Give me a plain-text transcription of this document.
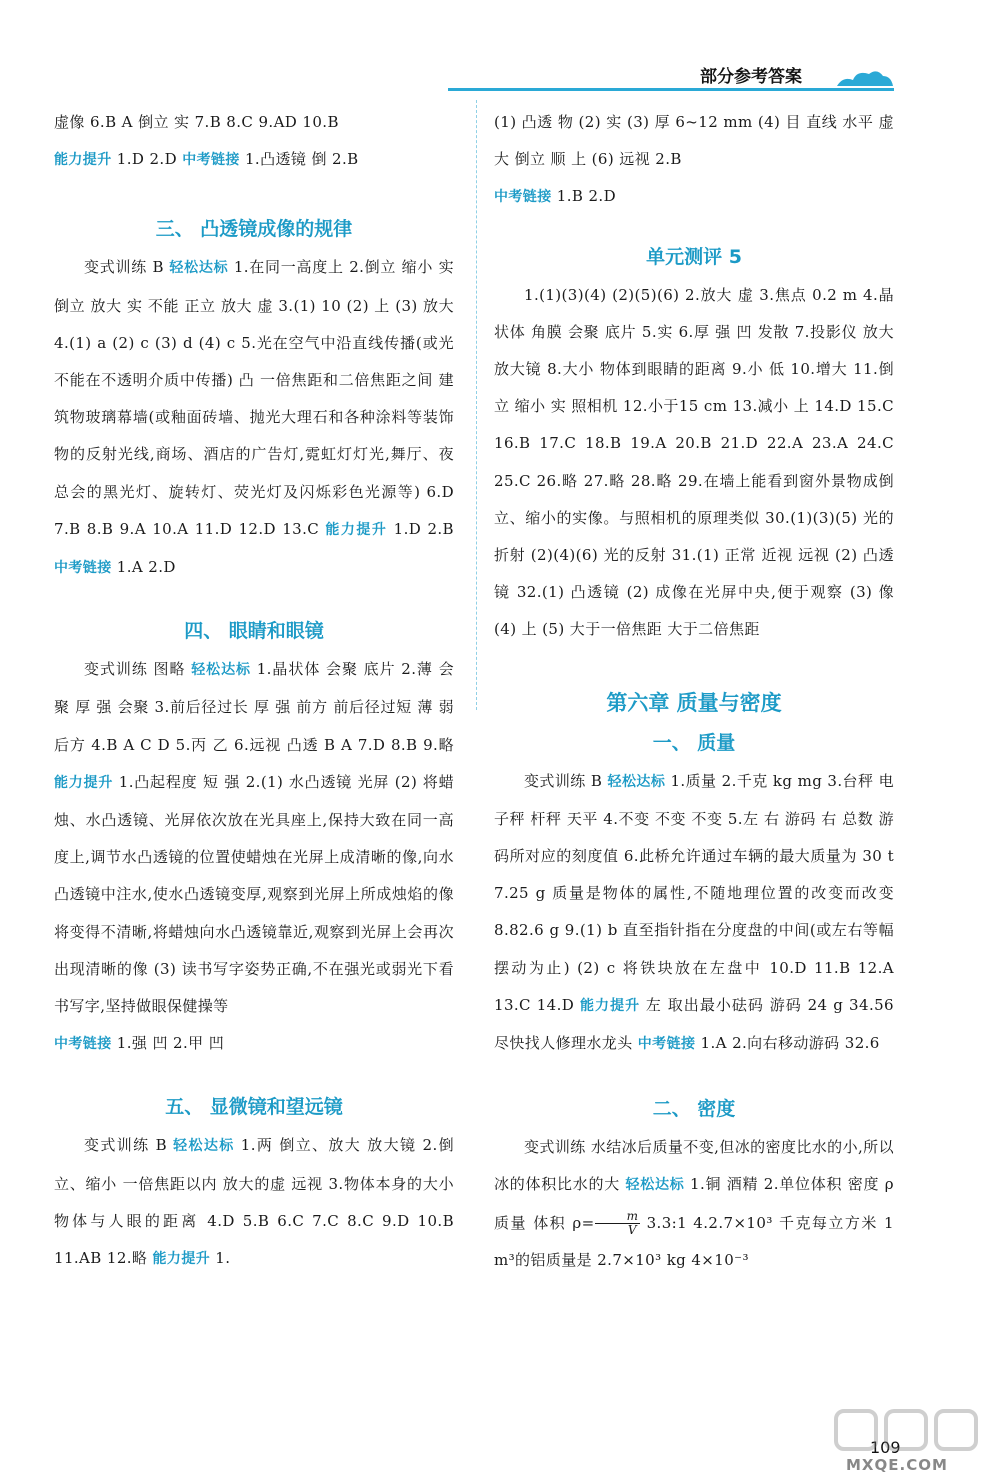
部分参考答案

虚像 6.B A 倒立 实 7.B 8.C 9.AD 10.B

能力提升 1.D 2.D 中考链接 1.凸透镜 倒 2.B

三、 凸透镜成像的规律

变式训练 B 轻松达标 1.在同一高度上 2.倒立 缩小 实 倒立 放大 实 不能 正立 放大 虚 3.(1) 10 (2) 上 (3) 放大 4.(1) a (2) c (3) d (4) c 5.光在空气中沿直线传播(或光不能在不透明介质中传播) 凸 一倍焦距和二倍焦距之间 建筑物玻璃幕墙(或釉面砖墙、抛光大理石和各种涂料等装饰物的反射光线,商场、酒店的广告灯,霓虹灯灯光,舞厅、夜总会的黑光灯、旋转灯、荧光灯及闪烁彩色光源等) 6.D 7.B 8.B 9.A 10.A 11.D 12.D 13.C 能力提升 1.D 2.B 中考链接 1.A 2.D

四、 眼睛和眼镜

变式训练 图略 轻松达标 1.晶状体 会聚 底片 2.薄 会聚 厚 强 会聚 3.前后径过长 厚 强 前方 前后径过短 薄 弱 后方 4.B A C D 5.丙 乙 6.远视 凸透 B A 7.D 8.B 9.略 能力提升 1.凸起程度 短 强 2.(1) 水凸透镜 光屏 (2) 将蜡烛、水凸透镜、光屏依次放在光具座上,保持大致在同一高度上,调节水凸透镜的位置使蜡烛在光屏上成清晰的像,向水凸透镜中注水,使水凸透镜变厚,观察到光屏上所成烛焰的像将变得不清晰,将蜡烛向水凸透镜靠近,观察到光屏上会再次出现清晰的像 (3) 读书写字姿势正确,不在强光或弱光下看书写字,坚持做眼保健操等

中考链接 1.强 凹 2.甲 凹

五、 显微镜和望远镜

变式训练 B 轻松达标 1.两 倒立、放大 放大镜 2.倒立、缩小 一倍焦距以内 放大的虚 远视 3.物体本身的大小 物体与人眼的距离 4.D 5.B 6.C 7.C 8.C 9.D 10.B 11.AB 12.略 能力提升 1.

(1) 凸透 物 (2) 实 (3) 厚 6~12 mm (4) 目 直线 水平 虚 大 倒立 顺 上 (6) 远视 2.B

中考链接 1.B 2.D

单元测评 5

1.(1)(3)(4) (2)(5)(6) 2.放大 虚 3.焦点 0.2 m 4.晶状体 角膜 会聚 底片 5.实 6.厚 强 凹 发散 7.投影仪 放大 放大镜 8.大小 物体到眼睛的距离 9.小 低 10.增大 11.倒立 缩小 实 照相机 12.小于15 cm 13.减小 上 14.D 15.C 16.B 17.C 18.B 19.A 20.B 21.D 22.A 23.A 24.C 25.C 26.略 27.略 28.略 29.在墙上能看到窗外景物成倒立、缩小的实像。与照相机的原理类似 30.(1)(3)(5) 光的折射 (2)(4)(6) 光的反射 31.(1) 正常 近视 远视 (2) 凸透镜 32.(1) 凸透镜 (2) 成像在光屏中央,便于观察 (3) 像 (4) 上 (5) 大于一倍焦距 大于二倍焦距

第六章 质量与密度
一、 质量

变式训练 B 轻松达标 1.质量 2.千克 kg mg 3.台秤 电子秤 杆秤 天平 4.不变 不变 不变 5.左 右 游码 右 总数 游码所对应的刻度值 6.此桥允许通过车辆的最大质量为 30 t 7.25 g 质量是物体的属性,不随地理位置的改变而改变 8.82.6 g 9.(1) b 直至指针指在分度盘的中间(或左右等幅摆动为止) (2) c 将铁块放在左盘中 10.D 11.B 12.A 13.C 14.D 能力提升 左 取出最小砝码 游码 24 g 34.56 尽快找人修理水龙头 中考链接 1.A 2.向右移动游码 32.6

二、 密度

变式训练 水结冰后质量不变,但冰的密度比水的小,所以冰的体积比水的大 轻松达标 1.铜 酒精 2.单位体积 密度 ρ 质量 体积 $\rho= \frac{m}{V}$ 3.3:1 4.2.7×10³ 千克每立方米 1 m³的铝质量是 2.7×10³ kg 4×10⁻³

109
MXQE.COM
